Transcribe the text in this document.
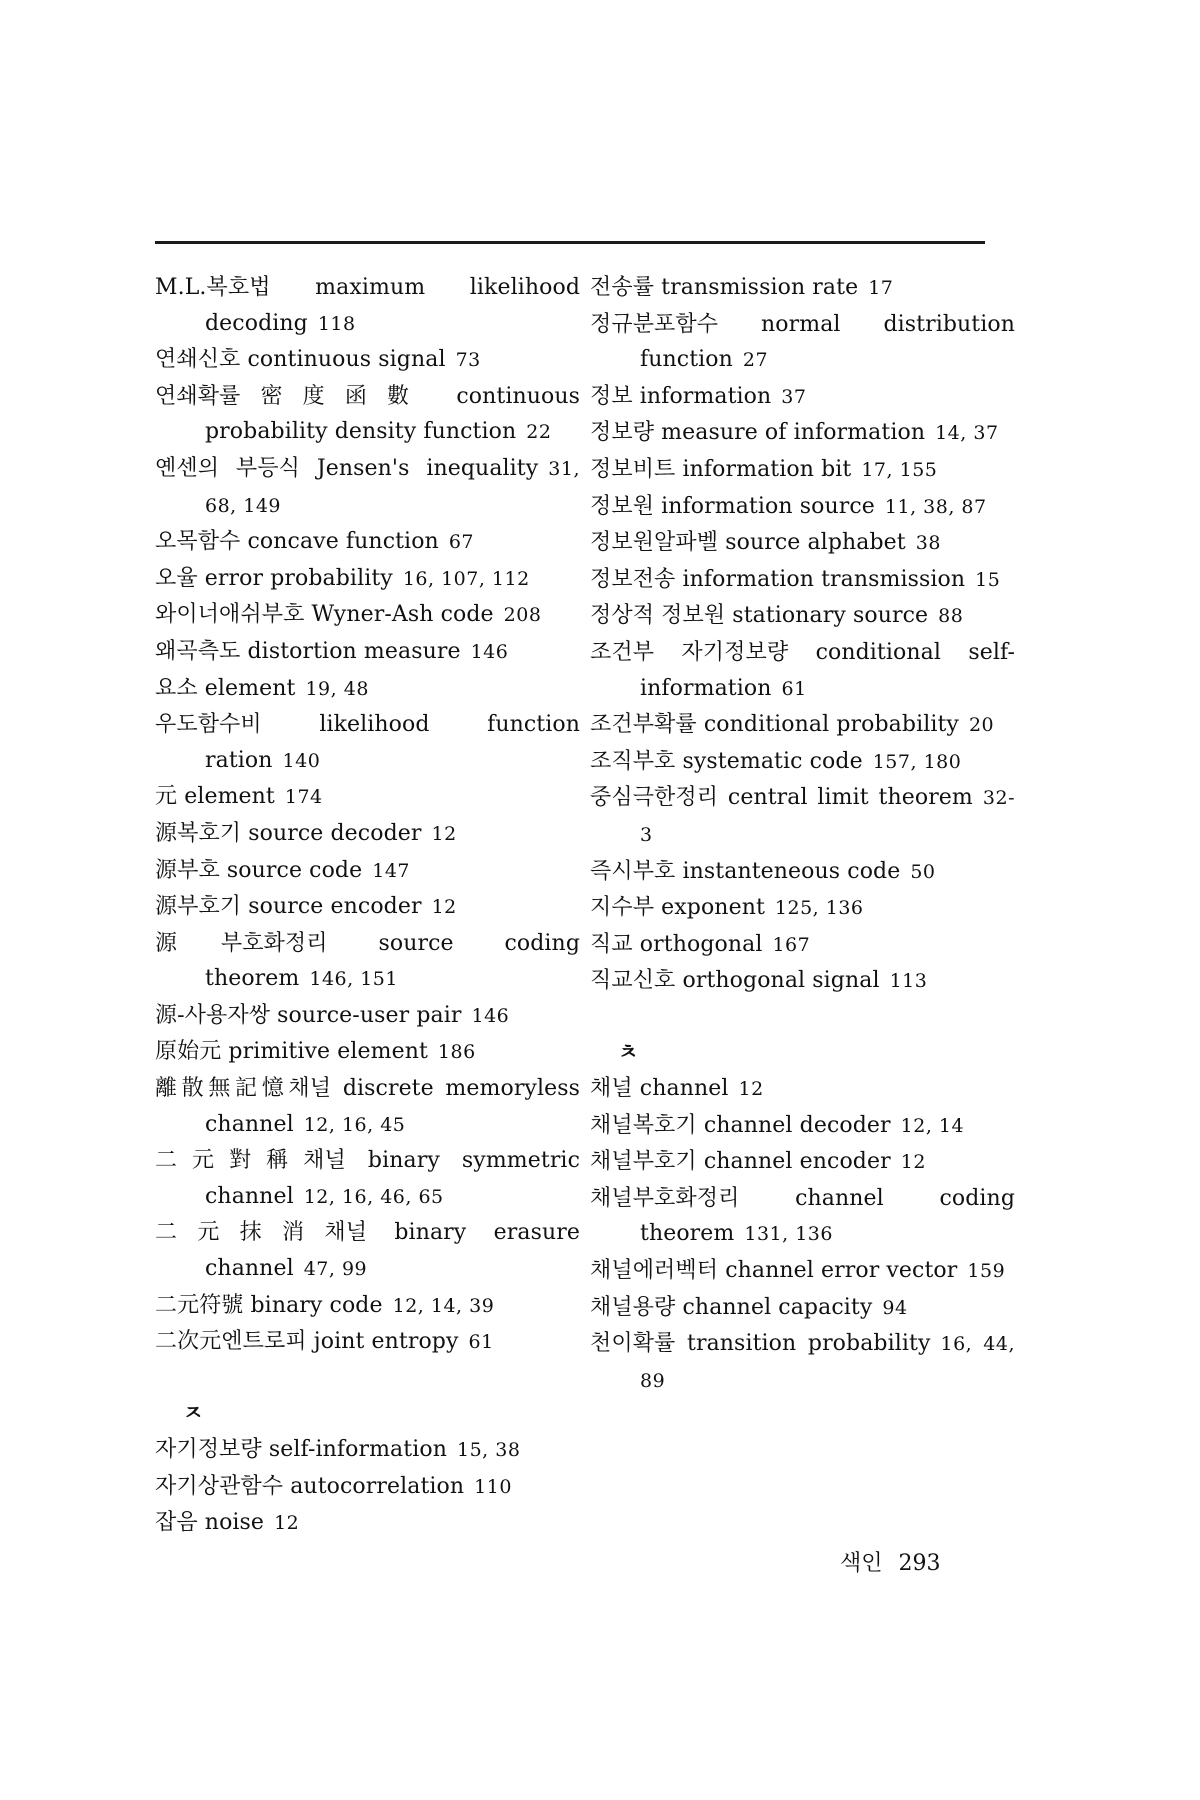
M.L.복호법 maximum likelihood decoding 118
연쇄신호 continuous signal 73
연쇄확률密度函數 continuous probability density function 22
옌센의 부등식 Jensen's inequality 31, 68, 149
오목함수 concave function 67
오율 error probability 16, 107, 112
와이너애쉬부호 Wyner-Ash code 208
왜곡측도 distortion measure 146
요소 element 19, 48
우도함수비 likelihood function ration 140
元 element 174
源복호기 source decoder 12
源부호 source code 147
源부호기 source encoder 12
源부호화정리 source coding theorem 146, 151
源-사용자쌍 source-user pair 146
原始元 primitive element 186
離散無記憶채널 discrete memoryless channel 12, 16, 45
二元對稱채널 binary symmetric channel 12, 16, 46, 65
二元抹消채널 binary erasure channel 47, 99
二元符號 binary code 12, 14, 39
二次元엔트로피 joint entropy 61
ㅈ
자기정보량 self-information 15, 38
자기상관함수 autocorrelation 110
잡음 noise 12
전송률 transmission rate 17
정규분포함수 normal distribution function 27
정보 information 37
정보량 measure of information 14, 37
정보비트 information bit 17, 155
정보원 information source 11, 38, 87
정보원알파벨 source alphabet 38
정보전송 information transmission 15
정상적 정보원 stationary source 88
조건부 자기정보량 conditional self-information 61
조건부확률 conditional probability 20
조직부호 systematic code 157, 180
중심극한정리 central limit theorem 32-3
즉시부호 instanteneous code 50
지수부 exponent 125, 136
직교 orthogonal 167
직교신호 orthogonal signal 113
ㅊ
채널 channel 12
채널복호기 channel decoder 12, 14
채널부호기 channel encoder 12
채널부호화정리 channel coding theorem 131, 136
채널에러벡터 channel error vector 159
채널용량 channel capacity 94
천이확률 transition probability 16, 44, 89
색인 293
